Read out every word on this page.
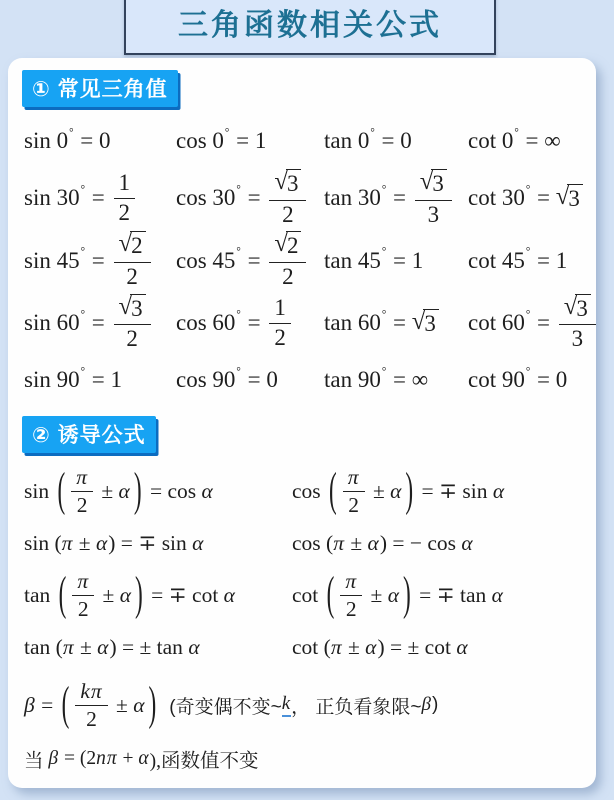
三角函数相关公式
① 常见三角值
sin 0 ° = 0	cos 0 ° = 1	tan 0 ° = 0 cot 0 ° = ∞
sin 30 ° = $\frac{1}{2}$ cos 30 ° = $\frac{√ 3}{2}$ tan 30 ° = $\frac{√ 3}{3}$ cot 30 ° = √ 3
sin 45 ° = $\frac{√ 2}{2}$ cos 45 ° = $\frac{√ 2}{2}$ tan 45 ° = 1 cot 45 ° = 1
sin 60 ° = $\frac{√ 3}{2}$ cos 60 ° = $\frac{1}{2}$ tan 60 ° = √ 3 cot 60 ° = $\frac{√ 3}{3}$
sin 90 ° = 1 cos 90 ° = 0 tan 90 ° = ∞ cot 90 ° = 0
② 诱导公式
sin ( $\frac{\pi}{2} \pm \alpha$ ) = cos α	cos ( $\frac{\pi}{2} \pm \alpha$ ) = ∓ sin α
sin ( π ± α ) = ∓ sin α	cos ( π ± α ) = − cos α
tan ( $\frac{\pi}{2} \pm \alpha$ ) = ∓ cot α	cot ( $\frac{\pi}{2} \pm \alpha$ ) = ∓ tan α
tan ( π ± α ) = ± tan α	cot ( π ± α ) = ± cot α
β = ( $\frac{\text{k π}}{2} \pm \alpha$ ) (奇变偶不变~ k ， 正负看象限~ β )
当 β = (2 n π + α ),函数值不变
